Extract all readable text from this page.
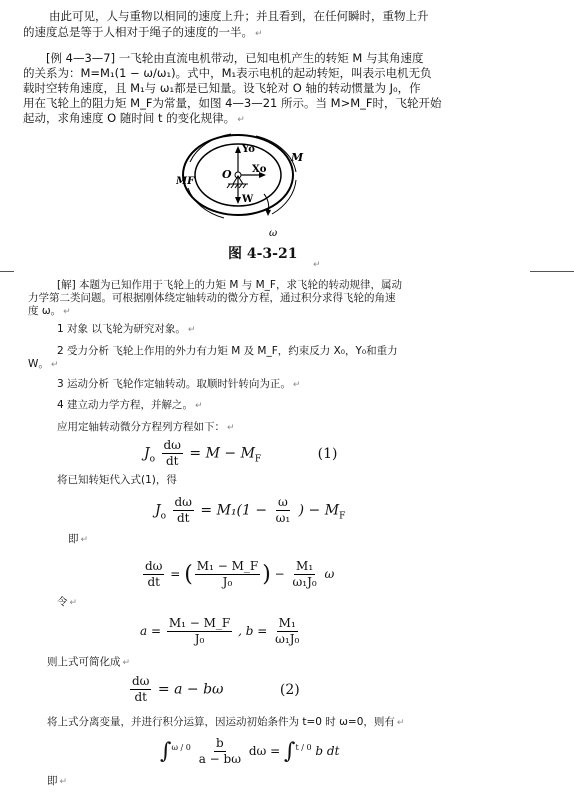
由此可见，人与重物以相同的速度上升；并且看到，在任何瞬时，重物上升
的速度总是等于人相对于绳子的速度的一半。 ↵
[例 4—3—7] 一飞轮由直流电机带动，已知电机产生的转矩 M 与其角速度
的关系为：M=M₁(1 − ω/ω₁)。式中，M₁表示电机的起动转矩，叫表示电机无负
载时空转角速度，且 M₁与 ω₁都是已知量。设飞轮对 O 轴的转动惯量为 J₀，作
用在飞轮上的阻力矩 M_F为常量，如图 4—3—21 所示。当 M>M_F时，飞轮开始
起动，求角速度 O 随时间 t 的变化规律。 ↵
Yo
Xo
O
W
M
MF
ω
图 4-3-21
↵
[解] 本题为已知作用于飞轮上的力矩 M 与 M_F，求飞轮的转动规律，属动
力学第二类问题。可根据刚体绕定轴转动的微分方程，通过积分求得飞轮的角速
度 ω。 ↵
1 对象 以飞轮为研究对象。 ↵
2 受力分析 飞轮上作用的外力有力矩 M 及 M_F，约束反力 X₀，Y₀和重力
W。 ↵
3 运动分析 飞轮作定轴转动。取顺时针转向为正。 ↵
4 建立动力学方程，并解之。 ↵
应用定轴转动微分方程列方程如下： ↵
$J_o \frac{d\omega}{dt} = M - M_F$	(1)
将已知转矩代入式(1)，得
$J_o \frac{d\omega}{dt} = M_1(1 - \frac{\omega}{\text{ω₁}}$ ) − $M_F$
即 ↵
$\frac{d\omega}{dt}$ = ( $\frac{\text{M₁ − M\_F}}{\text{J₀}}$ ) − $\frac{\text{M₁}}{\text{ω₁J₀}}$ ω
令 ↵
$a = \frac{\text{M₁ − M\_F}}{\text{J₀}}$ , $b = \frac{\text{M₁}}{\text{ω₁J₀}}$
则上式可简化成 ↵
$\frac{d\omega}{dt} = a - b\omega$	(2)
将上式分离变量，并进行积分运算，因运动初始条件为 t=0 时 ω=0，则有 ↵
$\int^{\omega / 0} \frac{b}{a - b\omega}$ dω = ∫$^{t / 0}$ b dt
即 ↵
